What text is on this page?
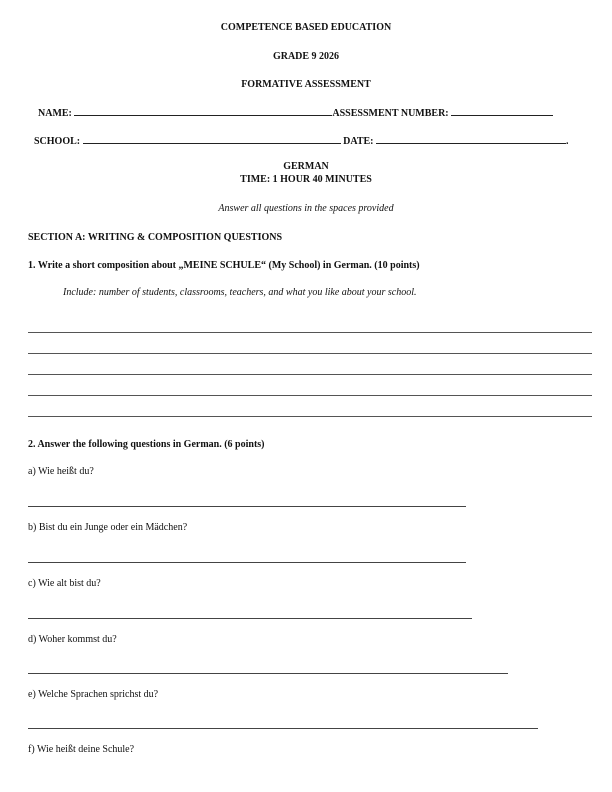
COMPETENCE BASED EDUCATION
GRADE 9 2026
FORMATIVE ASSESSMENT
NAME:	ASSESSMENT NUMBER:
SCHOOL:	DATE:	.
GERMAN
TIME: 1 HOUR 40 MINUTES
Answer all questions in the spaces provided
SECTION A: WRITING & COMPOSITION QUESTIONS
1. Write a short composition about „MEINE SCHULE“ (My School) in German. (10 points)
Include: number of students, classrooms, teachers, and what you like about your school.
2. Answer the following questions in German. (6 points)
a) Wie heißt du?
b) Bist du ein Junge oder ein Mädchen?
c) Wie alt bist du?
d) Woher kommst du?
e) Welche Sprachen sprichst du?
f) Wie heißt deine Schule?
